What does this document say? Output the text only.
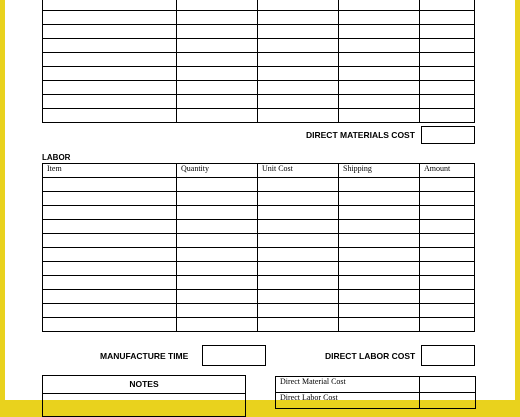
DIRECT MATERIALS COST
LABOR
Item	Quantity	Unit Cost	Shipping	Amount

MANUFACTURE TIME	DIRECT LABOR COST
NOTES	Direct Material Cost	
Direct Labor Cost	
